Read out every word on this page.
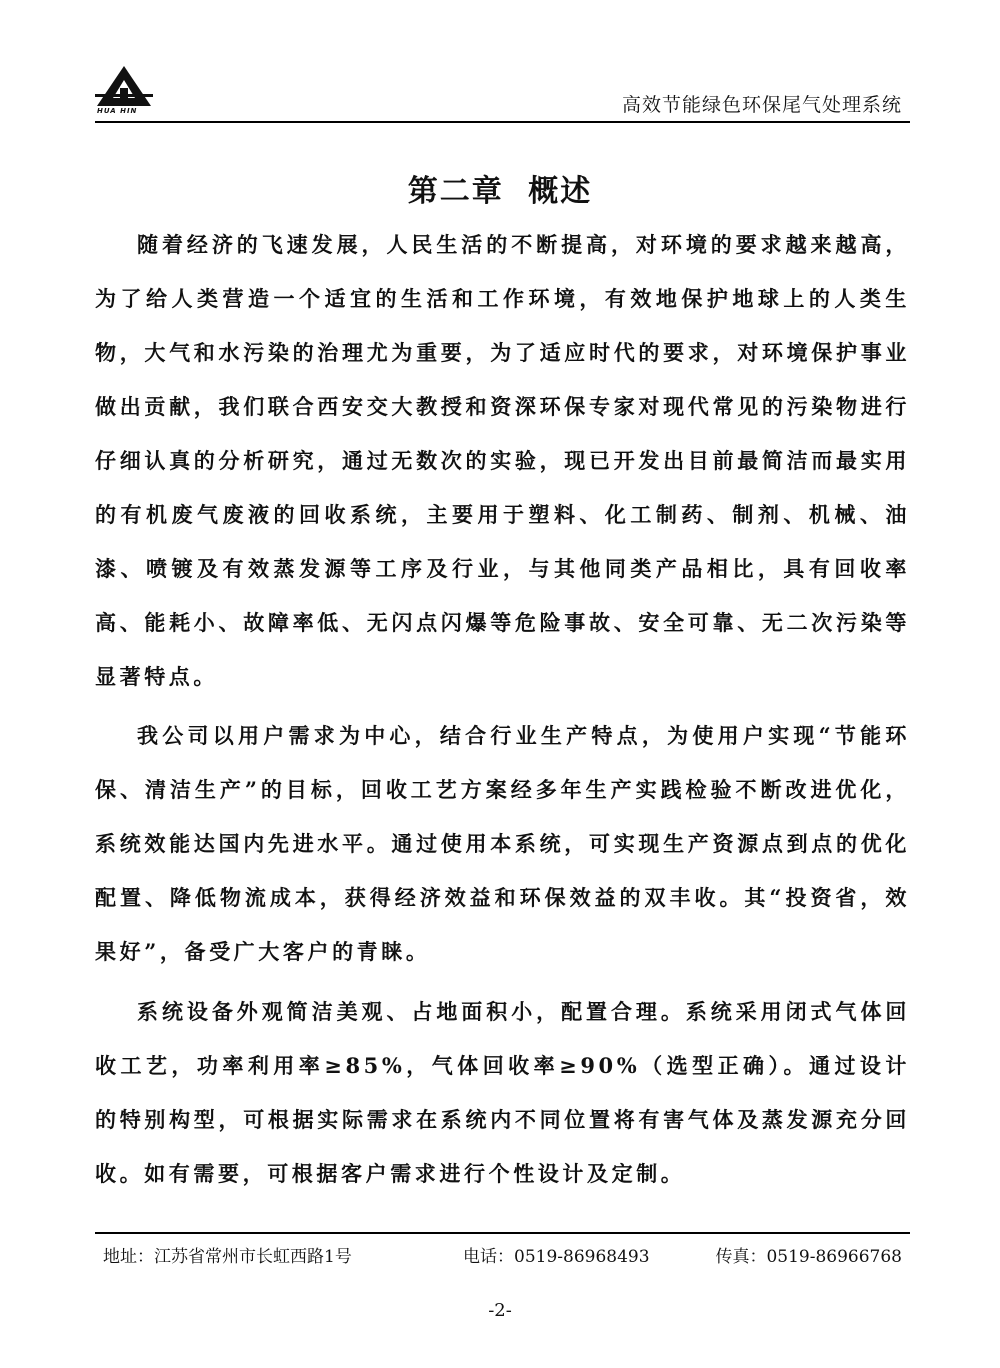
HUA HIN	高效节能绿色环保尾气处理系统
第二章 概述

随着经济的飞速发展，人民生活的不断提高，对环境的要求越来越高，为了给人类营造一个适宜的生活和工作环境，有效地保护地球上的人类生物，大气和水污染的治理尤为重要，为了适应时代的要求，对环境保护事业做出贡献，我们联合西安交大教授和资深环保专家对现代常见的污染物进行仔细认真的分析研究，通过无数次的实验，现已开发出目前最简洁而最实用的有机废气废液的回收系统，主要用于塑料、化工制药、制剂、机械、油漆、喷镀及有效蒸发源等工序及行业，与其他同类产品相比，具有回收率高、能耗小、故障率低、无闪点闪爆等危险事故、安全可靠、无二次污染等显著特点。

我公司以用户需求为中心，结合行业生产特点，为使用户实现“节能环保、清洁生产”的目标，回收工艺方案经多年生产实践检验不断改进优化，系统效能达国内先进水平。通过使用本系统，可实现生产资源点到点的优化配置、降低物流成本，获得经济效益和环保效益的双丰收。其“投资省，效果好”，备受广大客户的青睐。

系统设备外观简洁美观、占地面积小，配置合理。系统采用闭式气体回收工艺，功率利用率≥85%，气体回收率≥90%（选型正确）。通过设计的特别构型，可根据实际需求在系统内不同位置将有害气体及蒸发源充分回收。如有需要，可根据客户需求进行个性设计及定制。

地址：江苏省常州市长虹西路1号	电话：0519-86968493	传真：0519-86966768
-2-
